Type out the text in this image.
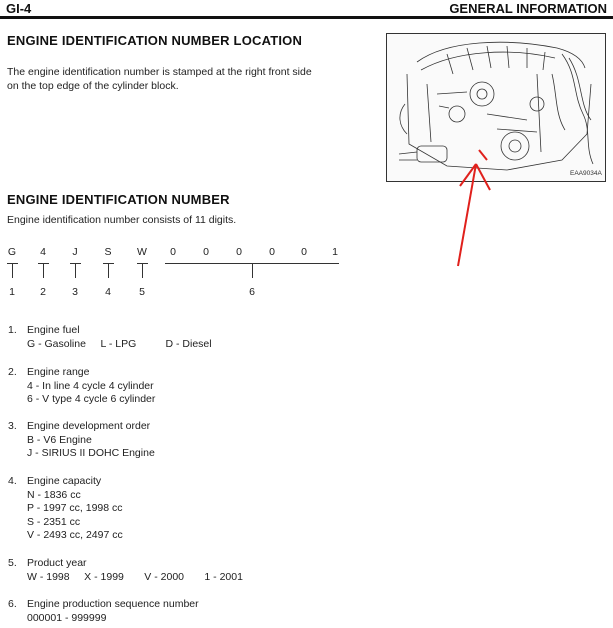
GI-4	GENERAL INFORMATION
ENGINE IDENTIFICATION NUMBER LOCATION
The engine identification number is stamped at the right front side
on the top edge of the cylinder block.
EAA9034A
ENGINE IDENTIFICATION NUMBER
Engine identification number consists of 11 digits.
G	4	J	S	W	0	0	0	0	0	1
1	2	3	4	5	6
1. Engine fuel
G - Gasoline     L - LPG          D - Diesel
2. Engine range
4 - In line 4 cycle 4 cylinder
6 - V type 4 cycle 6 cylinder
3. Engine development order
B - V6 Engine
J - SIRIUS II DOHC Engine
4. Engine capacity
N - 1836 cc
P - 1997 cc, 1998 cc
S - 2351 cc
V - 2493 cc, 2497 cc
5. Product year
W - 1998     X - 1999       V - 2000       1 - 2001
6. Engine production sequence number
000001 - 999999
